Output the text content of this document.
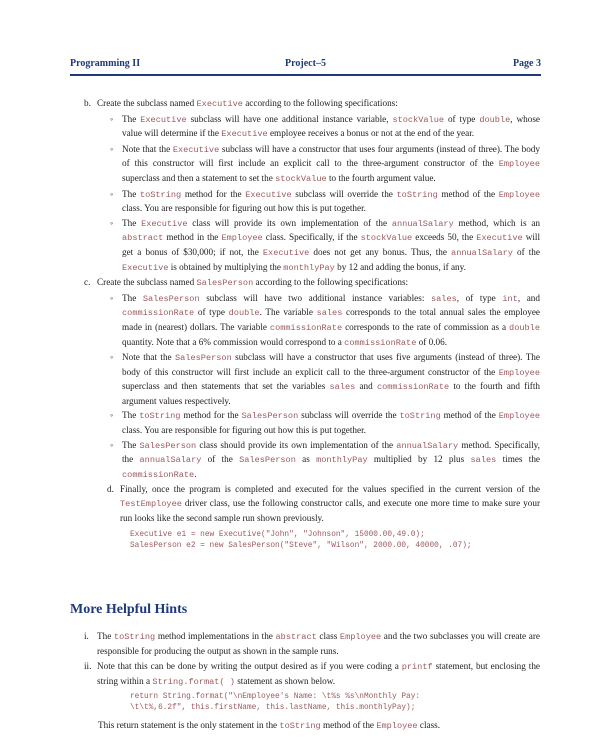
Programming II	Project–5	Page 3
b. Create the subclass named Executive according to the following specifications:
◦ The Executive subclass will have one additional instance variable, stockValue of type double, whose value will determine if the Executive employee receives a bonus or not at the end of the year.
◦ Note that the Executive subclass will have a constructor that uses four arguments (instead of three). The body of this constructor will first include an explicit call to the three-argument constructor of the Employee superclass and then a statement to set the stockValue to the fourth argument value.
◦ The toString method for the Executive subclass will override the toString method of the Employee class. You are responsible for figuring out how this is put together.
◦ The Executive class will provide its own implementation of the annualSalary method, which is an abstract method in the Employee class. Specifically, if the stockValue exceeds 50, the Executive will get a bonus of $30,000; if not, the Executive does not get any bonus. Thus, the annualSalary of the Executive is obtained by multiplying the monthlyPay by 12 and adding the bonus, if any.
c. Create the subclass named SalesPerson according to the following specifications:
◦ The SalesPerson subclass will have two additional instance variables: sales, of type int, and commissionRate of type double. The variable sales corresponds to the total annual sales the employee made in (nearest) dollars. The variable commissionRate corresponds to the rate of commission as a double quantity. Note that a 6% commission would correspond to a commissionRate of 0.06.
◦ Note that the SalesPerson subclass will have a constructor that uses five arguments (instead of three). The body of this constructor will first include an explicit call to the three-argument constructor of the Employee superclass and then statements that set the variables sales and commissionRate to the fourth and fifth argument values respectively.
◦ The toString method for the SalesPerson subclass will override the toString method of the Employee class. You are responsible for figuring out how this is put together.
◦ The SalesPerson class should provide its own implementation of the annualSalary method. Specifically, the annualSalary of the SalesPerson as monthlyPay multiplied by 12 plus sales times the commissionRate.
d. Finally, once the program is completed and executed for the values specified in the current version of the TestEmployee driver class, use the following constructor calls, and execute one more time to make sure your run looks like the second sample run shown previously.
Executive e1 = new Executive("John", "Johnson", 15000.00,49.0);
SalesPerson e2 = new SalesPerson("Steve", "Wilson", 2000.00, 40000, .07);
More Helpful Hints
i. The toString method implementations in the abstract class Employee and the two subclasses you will create are responsible for producing the output as shown in the sample runs.
ii. Note that this can be done by writing the output desired as if you were coding a printf statement, but enclosing the string within a String.format( ) statement as shown below.
return String.format("\nEmployee's Name: \t%s %s\nMonthly Pay:
\t\t%,6.2f", this.firstName, this.lastName, this.monthlyPay);
This return statement is the only statement in the toString method of the Employee class.
